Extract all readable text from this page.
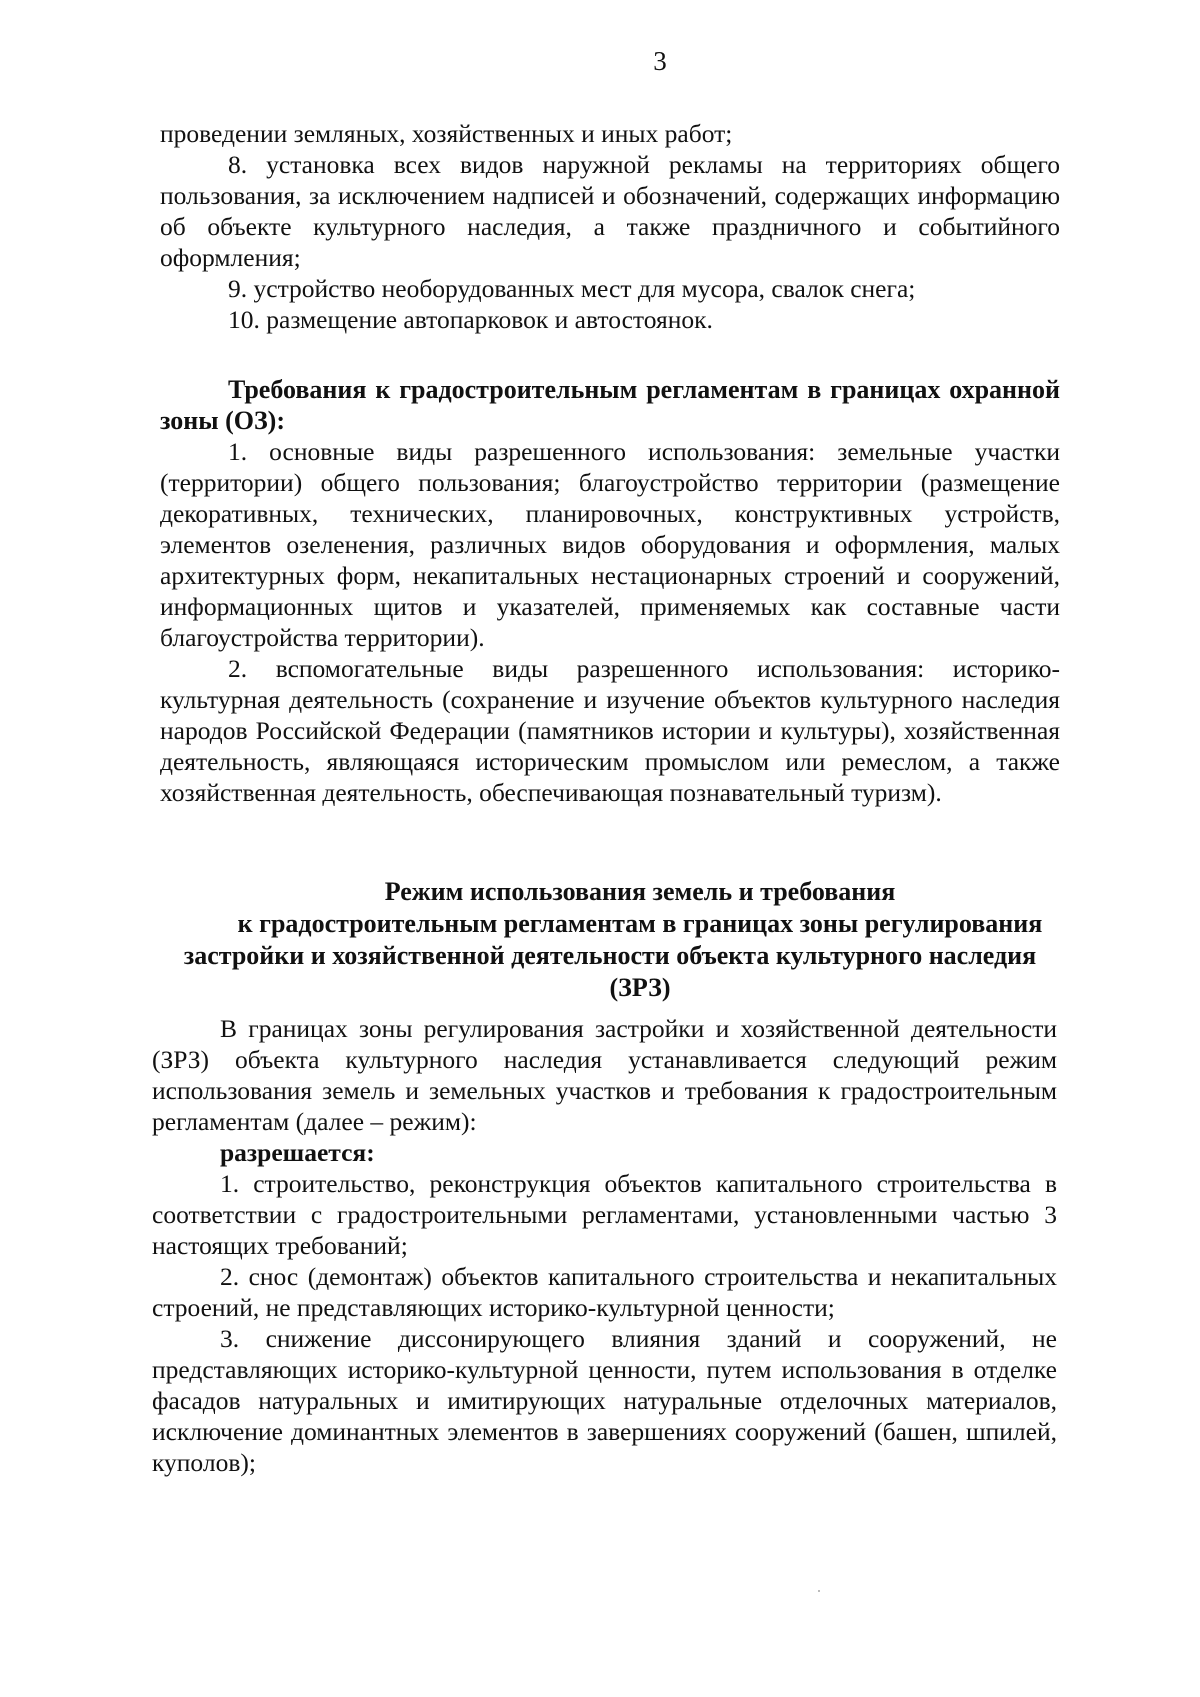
3

проведении земляных, хозяйственных и иных работ;

8. установка всех видов наружной рекламы на территориях общего пользования, за исключением надписей и обозначений, содержащих информацию об объекте культурного наследия, а также праздничного и событийного оформления;

9. устройство необорудованных мест для мусора, свалок снега;

10. размещение автопарковок и автостоянок.

Требования к градостроительным регламентам в границах охранной зоны (ОЗ):

1. основные виды разрешенного использования: земельные участки (территории) общего пользования; благоустройство территории (размещение декоративных, технических, планировочных, конструктивных устройств, элементов озеленения, различных видов оборудования и оформления, малых архитектурных форм, некапитальных нестационарных строений и сооружений, информационных щитов и указателей, применяемых как составные части благоустройства территории).

2. вспомогательные виды разрешенного использования: историко-культурная деятельность (сохранение и изучение объектов культурного наследия народов Российской Федерации (памятников истории и культуры), хозяйственная деятельность, являющаяся историческим промыслом или ремеслом, а также хозяйственная деятельность, обеспечивающая познавательный туризм).

Режим использования земель и требования

к градостроительным регламентам в границах зоны регулирования

застройки и хозяйственной деятельности объекта культурного наследия

(ЗРЗ)

В границах зоны регулирования застройки и хозяйственной деятельности (ЗРЗ) объекта культурного наследия устанавливается следующий режим использования земель и земельных участков и требования к градостроительным регламентам (далее – режим):

разрешается:

1. строительство, реконструкция объектов капитального строительства в соответствии с градостроительными регламентами, установленными частью 3 настоящих требований;

2. снос (демонтаж) объектов капитального строительства и некапитальных строений, не представляющих историко-культурной ценности;

3. снижение диссонирующего влияния зданий и сооружений, не представляющих историко-культурной ценности, путем использования в отделке фасадов натуральных и имитирующих натуральные отделочных материалов, исключение доминантных элементов в завершениях сооружений (башен, шпилей, куполов);
